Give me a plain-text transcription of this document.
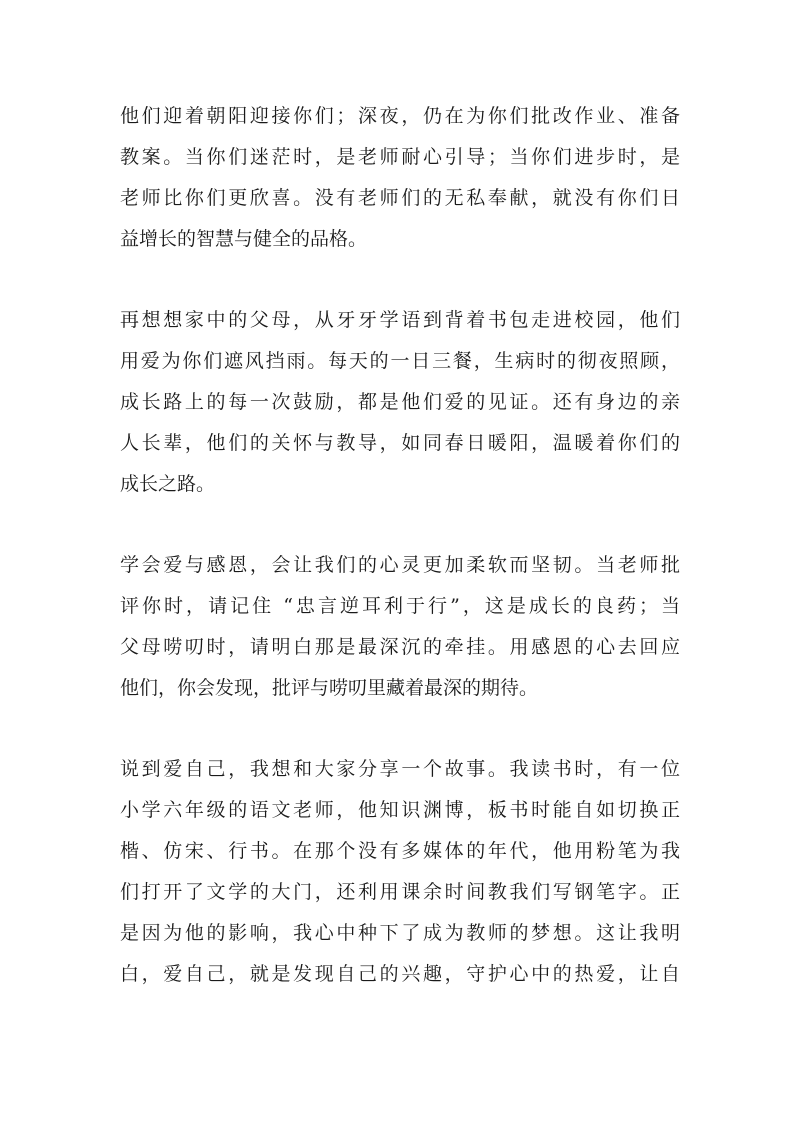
他们迎着朝阳迎接你们；深夜，仍在为你们批改作业、准备
教案。当你们迷茫时，是老师耐心引导；当你们进步时，是
老师比你们更欣喜。没有老师们的无私奉献，就没有你们日
益增长的智慧与健全的品格。
再想想家中的父母，从牙牙学语到背着书包走进校园，他们
用爱为你们遮风挡雨。每天的一日三餐，生病时的彻夜照顾，
成长路上的每一次鼓励，都是他们爱的见证。还有身边的亲
人长辈，他们的关怀与教导，如同春日暖阳，温暖着你们的
成长之路。
学会爱与感恩，会让我们的心灵更加柔软而坚韧。当老师批
评你时，请记住 “忠言逆耳利于行”，这是成长的良药；当
父母唠叨时，请明白那是最深沉的牵挂。用感恩的心去回应
他们，你会发现，批评与唠叨里藏着最深的期待。
说到爱自己，我想和大家分享一个故事。我读书时，有一位
小学六年级的语文老师，他知识渊博，板书时能自如切换正
楷、仿宋、行书。在那个没有多媒体的年代，他用粉笔为我
们打开了文学的大门，还利用课余时间教我们写钢笔字。正
是因为他的影响，我心中种下了成为教师的梦想。这让我明
白，爱自己，就是发现自己的兴趣，守护心中的热爱，让自
